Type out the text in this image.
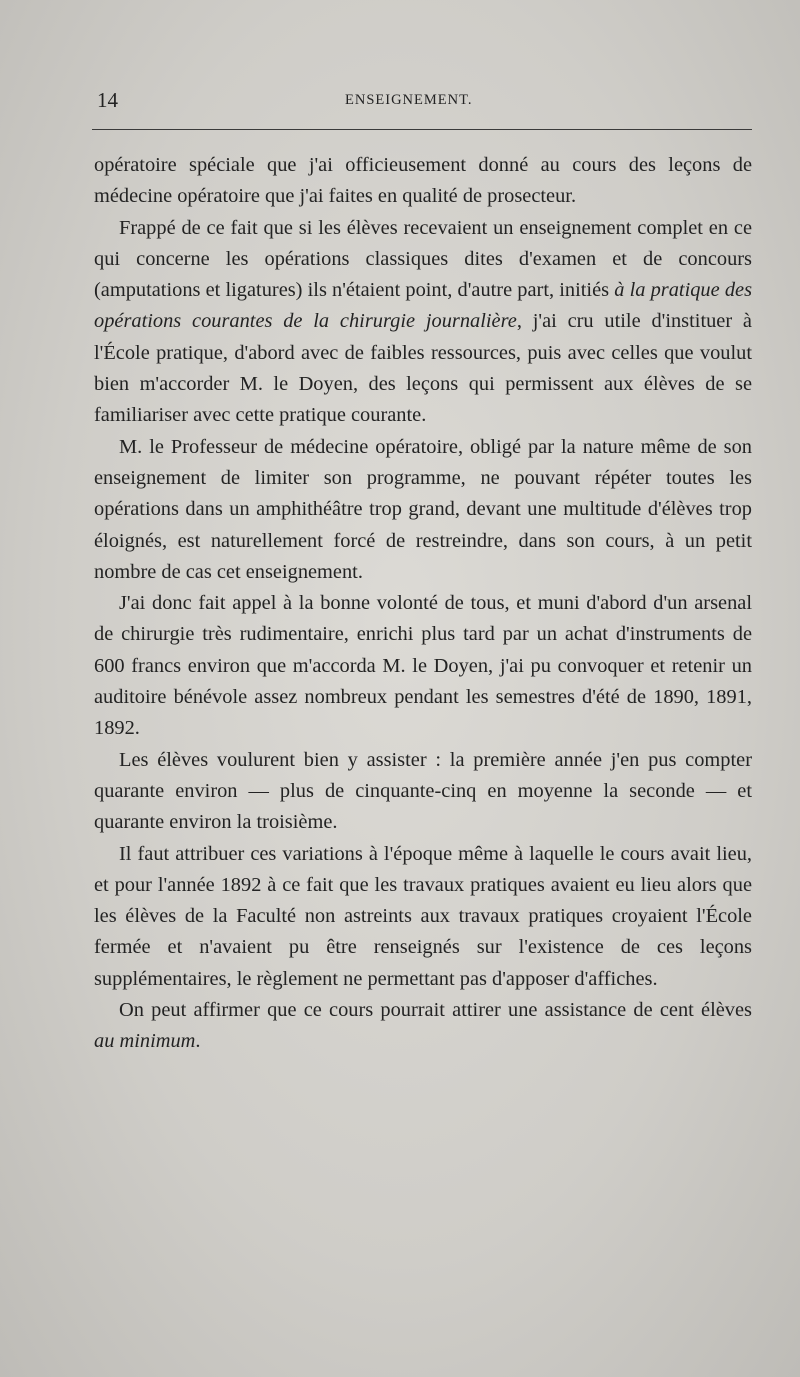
14	ENSEIGNEMENT.

opératoire spéciale que j'ai officieusement donné au cours des leçons de médecine opératoire que j'ai faites en qualité de prosecteur.

Frappé de ce fait que si les élèves recevaient un enseignement complet en ce qui concerne les opérations classiques dites d'examen et de concours (amputations et ligatures) ils n'étaient point, d'autre part, initiés à la pratique des opérations courantes de la chirurgie journalière, j'ai cru utile d'instituer à l'École pratique, d'abord avec de faibles ressources, puis avec celles que voulut bien m'accorder M. le Doyen, des leçons qui permissent aux élèves de se familiariser avec cette pratique courante.

M. le Professeur de médecine opératoire, obligé par la nature même de son enseignement de limiter son programme, ne pouvant répéter toutes les opérations dans un amphithéâtre trop grand, devant une multitude d'élèves trop éloignés, est naturellement forcé de restreindre, dans son cours, à un petit nombre de cas cet enseignement.

J'ai donc fait appel à la bonne volonté de tous, et muni d'abord d'un arsenal de chirurgie très rudimentaire, enrichi plus tard par un achat d'instruments de 600 francs environ que m'accorda M. le Doyen, j'ai pu convoquer et retenir un auditoire bénévole assez nombreux pendant les semestres d'été de 1890, 1891, 1892.

Les élèves voulurent bien y assister : la première année j'en pus compter quarante environ — plus de cinquante-cinq en moyenne la seconde — et quarante environ la troisième.

Il faut attribuer ces variations à l'époque même à laquelle le cours avait lieu, et pour l'année 1892 à ce fait que les travaux pratiques avaient eu lieu alors que les élèves de la Faculté non astreints aux travaux pratiques croyaient l'École fermée et n'avaient pu être renseignés sur l'existence de ces leçons supplémentaires, le règlement ne permettant pas d'apposer d'affiches.

On peut affirmer que ce cours pourrait attirer une assistance de cent élèves au minimum.
